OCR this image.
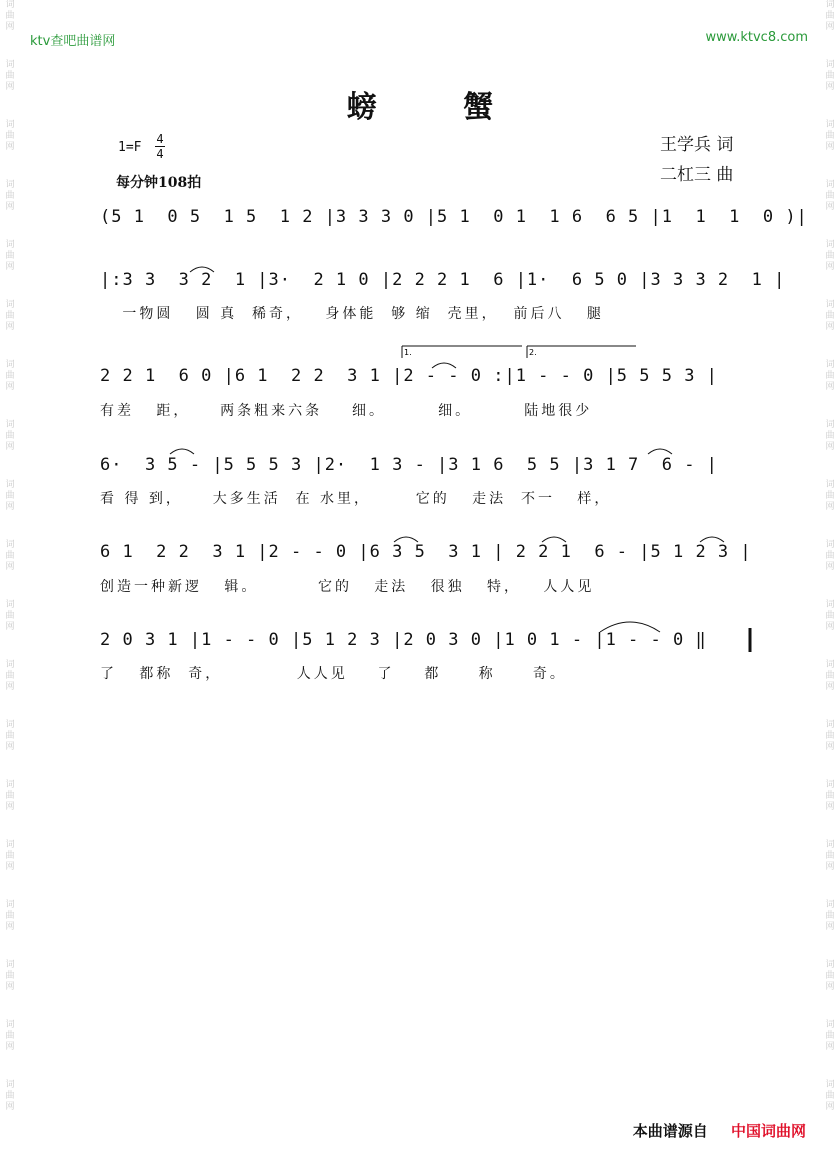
词
曲
网
词
曲
网
词
曲
网
词
曲
网
词
曲
网
词
曲
网
词
曲
网
词
曲
网
词
曲
网
词
曲
网
词
曲
网
词
曲
网
词
曲
网
词
曲
网
词
曲
网
词
曲
网
词
曲
网
词
曲
网
词
曲
网
词
曲
网
词
曲
网
词
曲
网
词
曲
网
词
曲
网
词
曲
网
词
曲
网
词
曲
网
词
曲
网
词
曲
网
词
曲
网
词
曲
网
词
曲
网
词
曲
网
词
曲
网
词
曲
网
词
曲
网
词
曲
网
词
曲
网
ktv查吧曲谱网	www.ktvc8.com
螃 蟹
1=F
4
4
每分钟108拍
王学兵 词
二杠三 曲
(5 1  0 5  1 5  1 2 |3 3 3 0 |5 1  0 1  1 6  6 5 |1  1  1  0 )|
|:3 3  3 2  1 |3·  2 1 0 |2 2 2 1  6 |1·  6 5 0 |3 3 3 2  1 |
一物圆   圆 真  稀奇，   身体能  够 缩  壳里，  前后八   腿
2 2 1  6 0 |6 1  2 2  3 1 |2 - - 0 :|1 - - 0 |5 5 5 3 |
有差   距，    两条粗来六条    细。       细。       陆地很少
6·  3 5 - |5 5 5 3 |2·  1 3 - |3 1 6  5 5 |3 1 7  6 - |
看 得 到，    大多生活  在 水里，      它的   走法  不一   样，
6 1  2 2  3 1 |2 - - 0 |6 3 5  3 1 | 2 2 1  6 - |5 1 2 3 |
创造一种新逻   辑。        它的   走法   很独   特，   人人见
2 0 3 1 |1 - - 0 |5 1 2 3 |2 0 3 0 |1 0 1 - |1 - - 0 ‖
了   都称  奇，          人人见    了    都     称     奇。
1.	2.
本曲谱源自 中国词曲网
